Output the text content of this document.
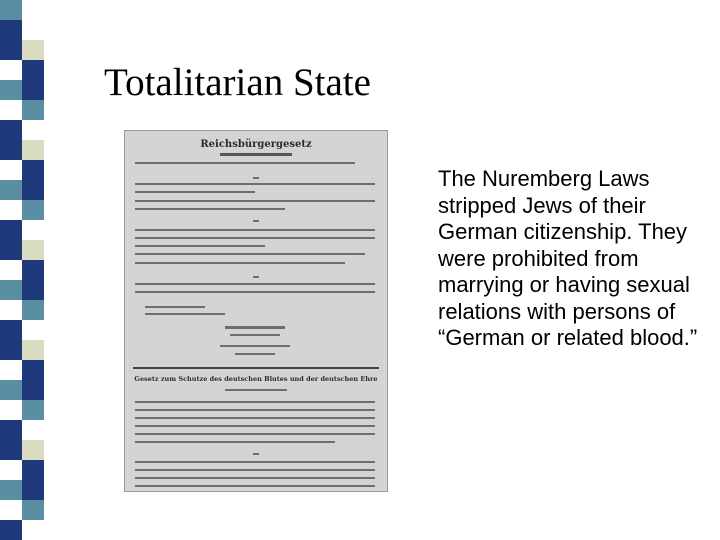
Totalitarian State
Reichsbürgergesetz
Gesetz zum Schutze des deutschen Blutes und der deutschen Ehre
The Nuremberg Laws stripped Jews of their German citizenship. They were prohibited from marrying or having sexual relations with persons of “German or related blood.”
